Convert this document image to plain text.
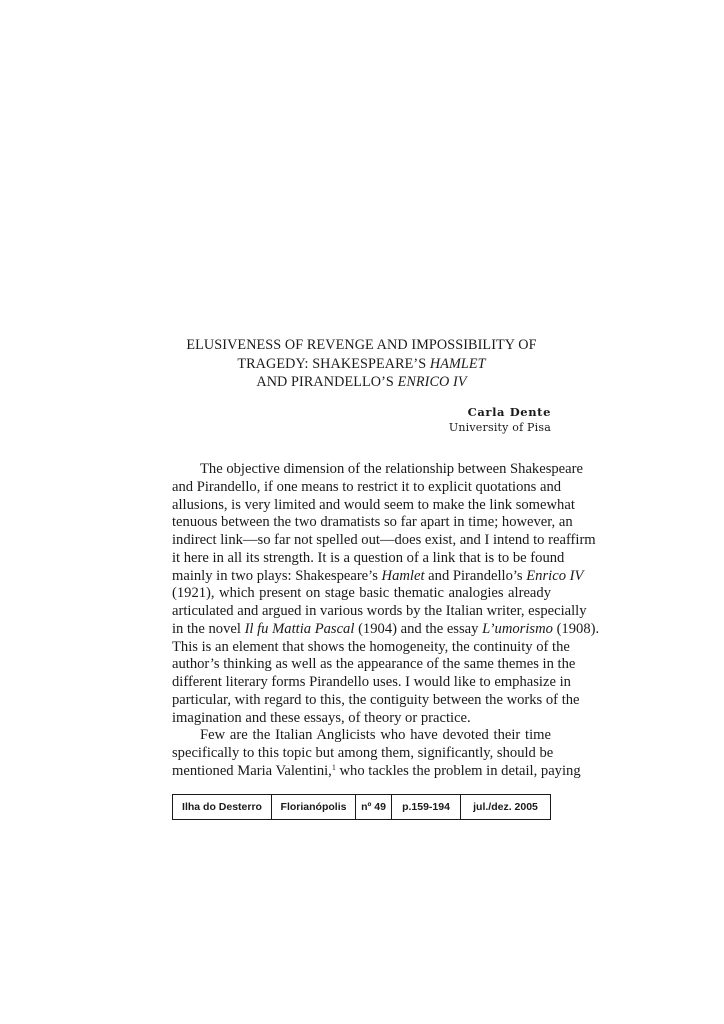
ELUSIVENESS OF REVENGE AND IMPOSSIBILITY OF
TRAGEDY: SHAKESPEARE’S HAMLET
AND PIRANDELLO’S ENRICO IV
Carla Dente
University of Pisa
The objective dimension of the relationship between Shakespeare
and Pirandello, if one means to restrict it to explicit quotations and
allusions, is very limited and would seem to make the link somewhat
tenuous between the two dramatists so far apart in time; however, an
indirect link—so far not spelled out—does exist, and I intend to reaffirm
it here in all its strength. It is a question of a link that is to be found
mainly in two plays: Shakespeare’s Hamlet and Pirandello’s Enrico IV
(1921), which present on stage basic thematic analogies already
articulated and argued in various words by the Italian writer, especially
in the novel Il fu Mattia Pascal (1904) and the essay L’umorismo (1908).
This is an element that shows the homogeneity, the continuity of the
author’s thinking as well as the appearance of the same themes in the
different literary forms Pirandello uses. I would like to emphasize in
particular, with regard to this, the contiguity between the works of the
imagination and these essays, of theory or practice.
Few are the Italian Anglicists who have devoted their time
specifically to this topic but among them, significantly, should be
mentioned Maria Valentini,$^1$ who tackles the problem in detail, paying
Ilha do Desterro	Florianópolis	nº 49	p.159-194	jul./dez. 2005
